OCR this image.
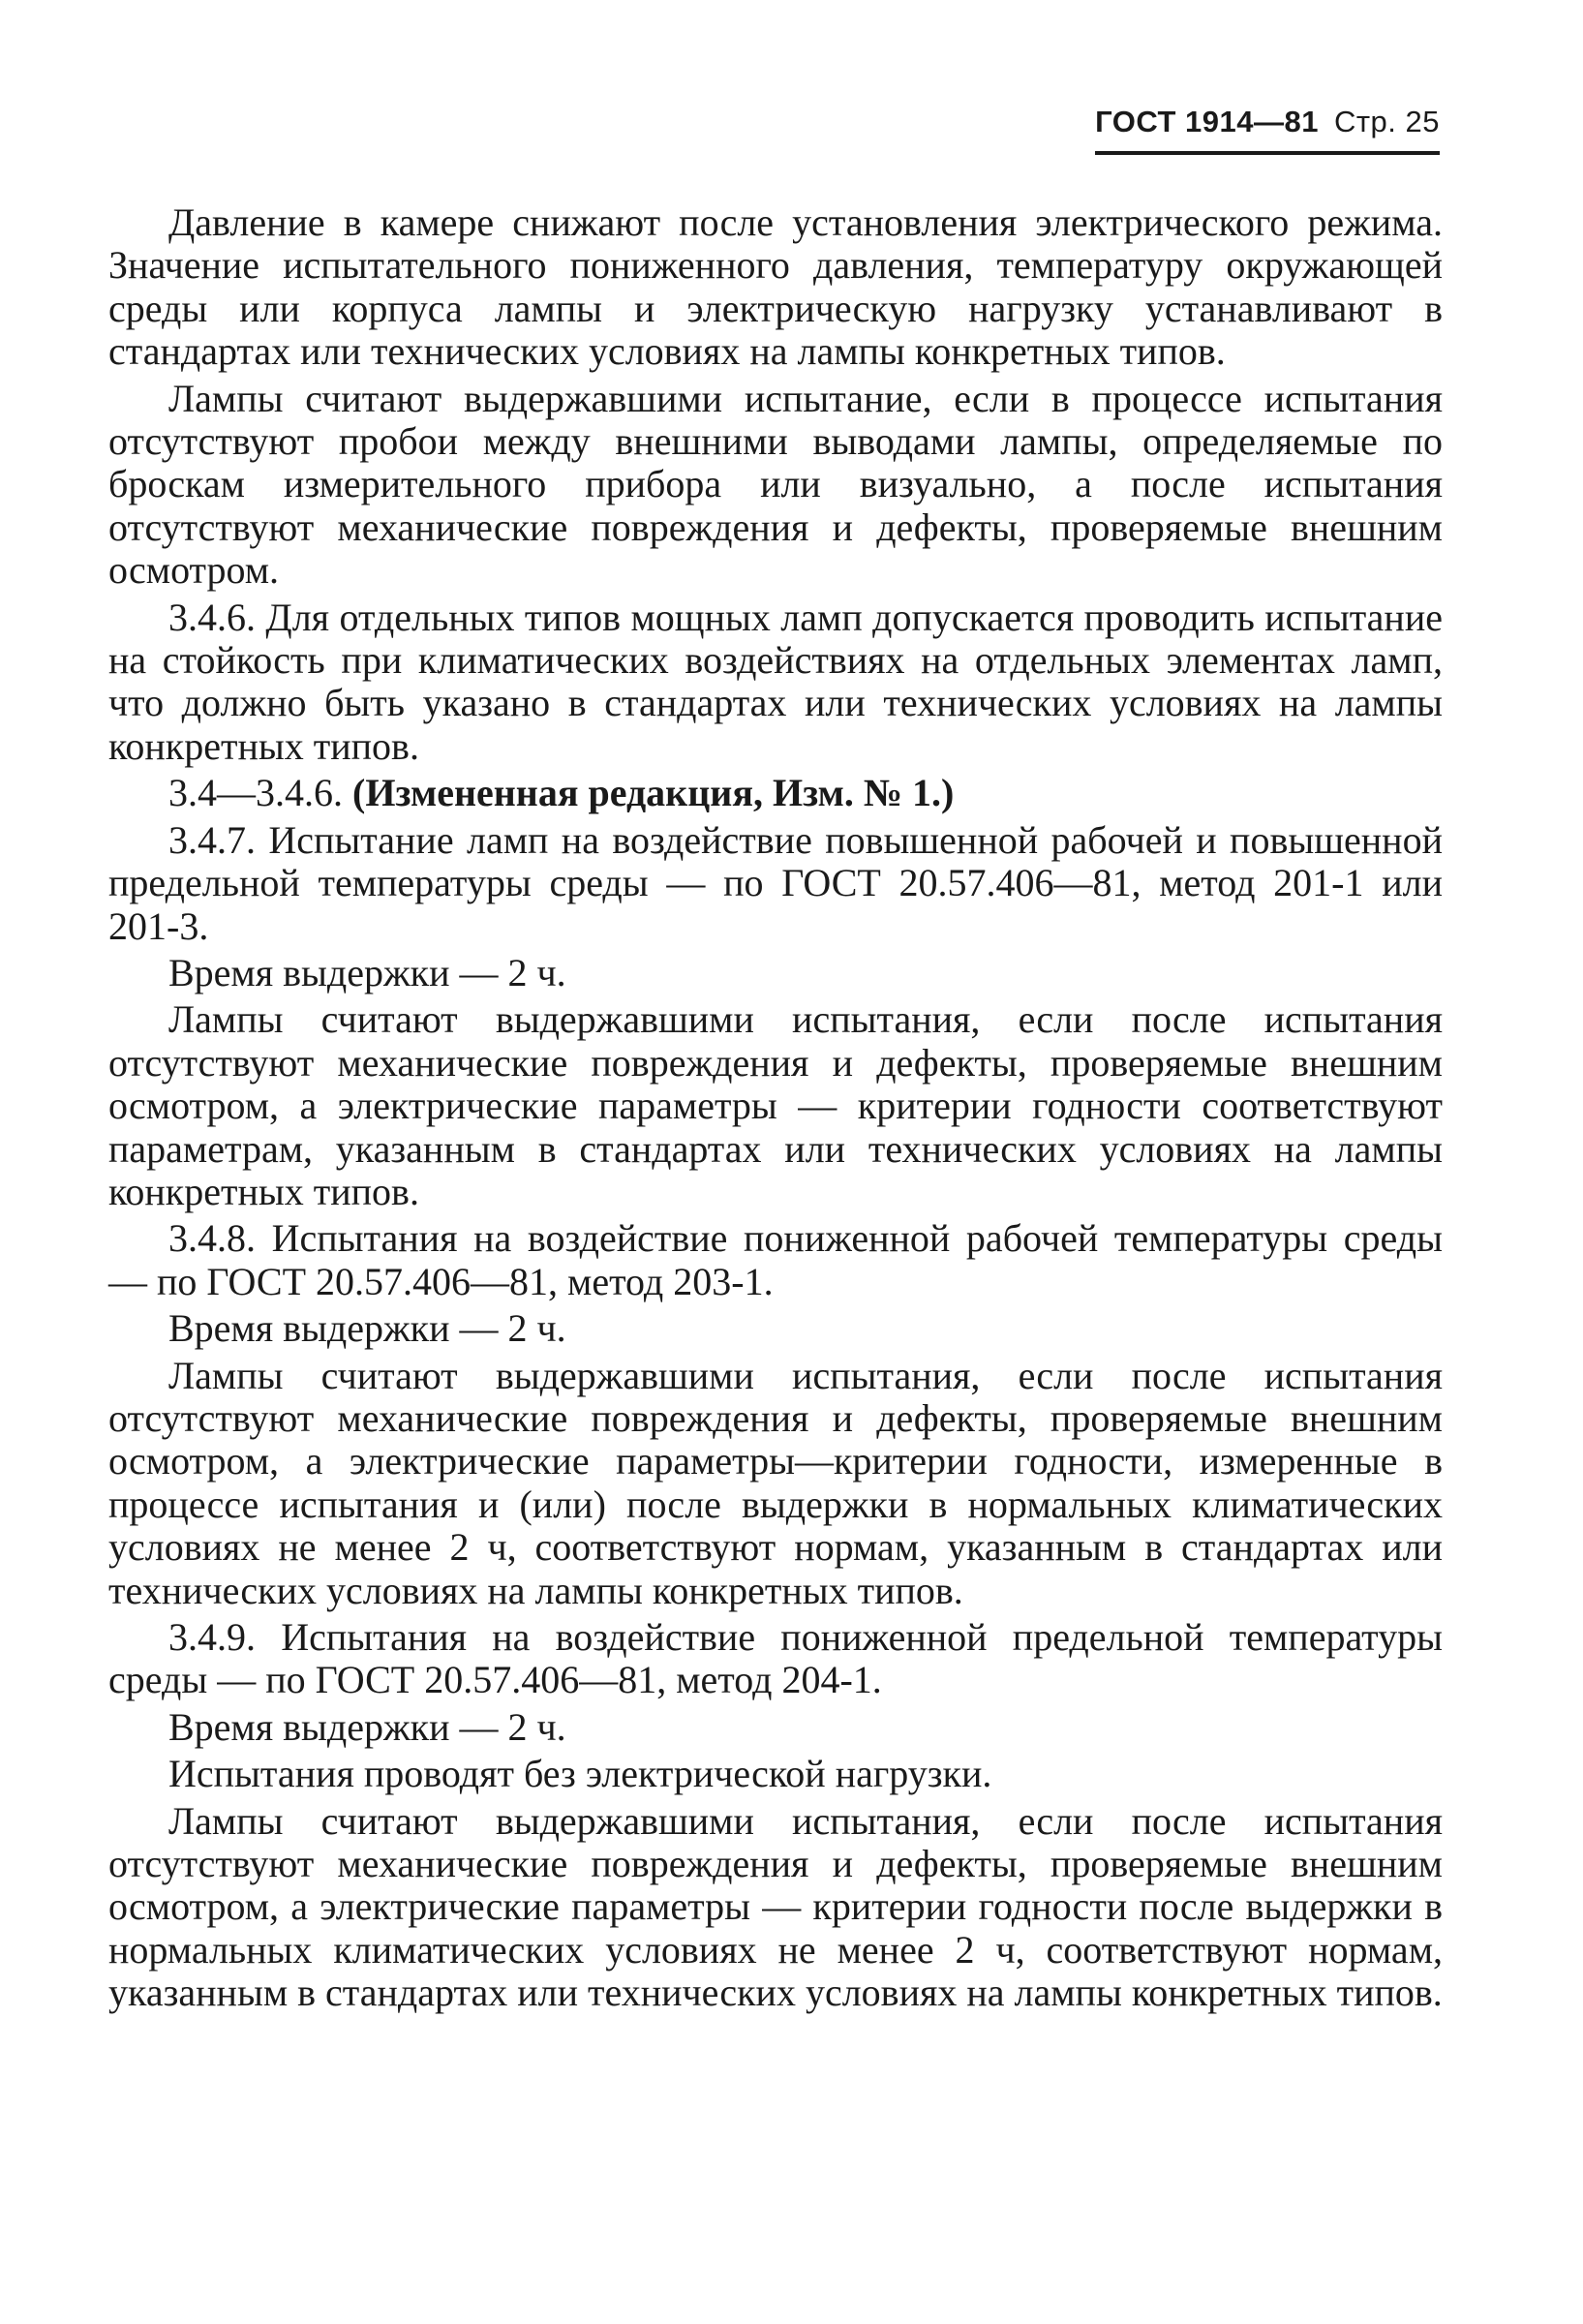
ГОСТ 1914—81 Стр. 25

Давление в камере снижают после установления электрического режима. Значение испытательного пониженного давления, температуру окружающей среды или корпуса лампы и электрическую нагрузку устанавливают в стандартах или технических условиях на лампы конкретных типов.

Лампы считают выдержавшими испытание, если в процессе испытания отсутствуют пробои между внешними выводами лампы, определяемые по броскам измерительного прибора или визуально, а после испытания отсутствуют механические повреждения и дефекты, проверяемые внешним осмотром.

3.4.6. Для отдельных типов мощных ламп допускается проводить испытание на стойкость при климатических воздействиях на отдельных элементах ламп, что должно быть указано в стандартах или технических условиях на лампы конкретных типов.

3.4—3.4.6. (Измененная редакция, Изм. № 1.)

3.4.7. Испытание ламп на воздействие повышенной рабочей и повышенной предельной температуры среды — по ГОСТ 20.57.406—81, метод 201-1 или 201-3.

Время выдержки — 2 ч.

Лампы считают выдержавшими испытания, если после испытания отсутствуют механические повреждения и дефекты, проверяемые внешним осмотром, а электрические параметры — критерии годности соответствуют параметрам, указанным в стандартах или технических условиях на лампы конкретных типов.

3.4.8. Испытания на воздействие пониженной рабочей температуры среды — по ГОСТ 20.57.406—81, метод 203-1.

Время выдержки — 2 ч.

Лампы считают выдержавшими испытания, если после испытания отсутствуют механические повреждения и дефекты, проверяемые внешним осмотром, а электрические параметры—критерии годности, измеренные в процессе испытания и (или) после выдержки в нормальных климатических условиях не менее 2 ч, соответствуют нормам, указанным в стандартах или технических условиях на лампы конкретных типов.

3.4.9. Испытания на воздействие пониженной предельной температуры среды — по ГОСТ 20.57.406—81, метод 204-1.

Время выдержки — 2 ч.

Испытания проводят без электрической нагрузки.

Лампы считают выдержавшими испытания, если после испытания отсутствуют механические повреждения и дефекты, проверяемые внешним осмотром, а электрические параметры — критерии годности после выдержки в нормальных климатических условиях не менее 2 ч, соответствуют нормам, указанным в стандартах или технических условиях на лампы конкретных типов.
